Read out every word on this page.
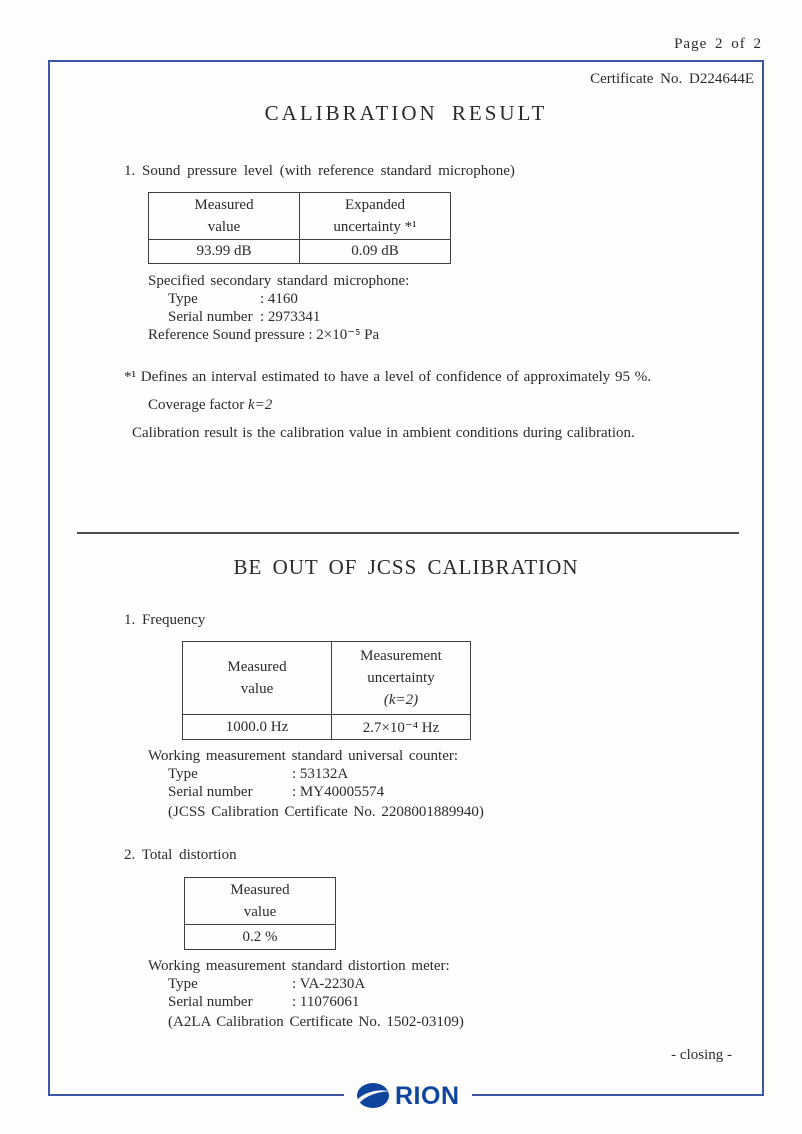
Page 2 of 2
Certificate No. D224644E
CALIBRATION RESULT
1. Sound pressure level (with reference standard microphone)
Measured
value

Expanded
uncertainty *¹

93.99 dB	0.09 dB
Specified secondary standard microphone:
Type	: 4160
Serial number : 2973341
Reference Sound pressure : 2×10⁻⁵ Pa
*¹ Defines an interval estimated to have a level of confidence of approximately 95 %.
Coverage factor k=2
Calibration result is the calibration value in ambient conditions during calibration.
BE OUT OF JCSS CALIBRATION
1. Frequency
Measured
value

Measurement
uncertainty
(k=2)

1000.0 Hz	2.7×10⁻⁴ Hz
Working measurement standard universal counter:
Type	: 53132A
Serial number	: MY40005574
(JCSS Calibration Certificate No. 2208001889940)
2. Total distortion
Measured
value

0.2 %
Working measurement standard distortion meter:
Type	: VA-2230A
Serial number	: 11076061
(A2LA Calibration Certificate No. 1502-03109)
- closing -
RION
